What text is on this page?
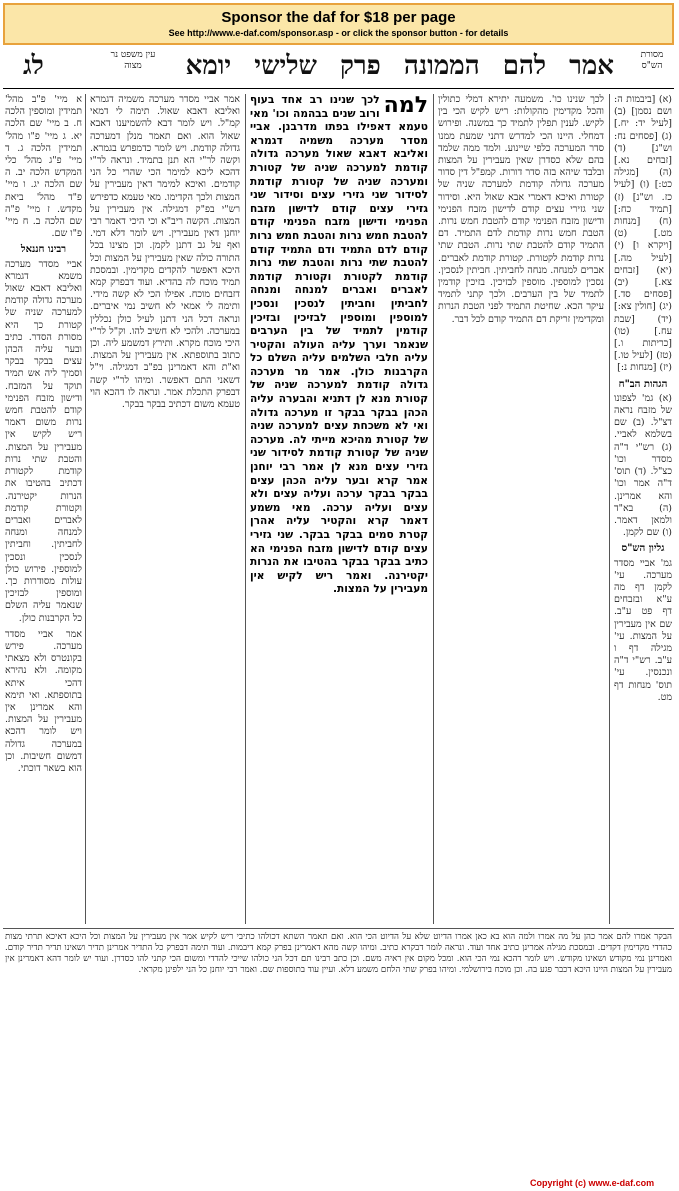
Sponsor the daf for $18 per page
See http://www.e-daf.com/sponsor.asp - or click the sponsor button - for details
מסורת הש"ס
אמר להם הממונה פרק שלישי יומא
עין משפט נר מצוה
לג
(א) [ביבמות ה: ושם נסמן] (ב) [לעיל יד: יח.] (ג) [פסחים נח: וש"נ] (ד) [זבחים נא.] (ה) [מגילה כט:] (ו) [לעיל כז. וש"נ] (ז) [תמיד כח:] (ח) [מנחות מט.] (ט) [ויקרא ו] (י) [לעיל מה.] (יא) [זבחים צא.] (יב) [פסחים סד.] (יג) [חולין צא:] (יד) [שבת עח.] (טו) [כריתות ו.] (טז) [לעיל טו.] (יז) [מנחות נ:]
הגהות הב"ח
(א) גמ' לצפונו של מזבח נראה דצ"ל. (ב) שם בשלמא לאביי. (ג) רש"י ד"ה מסדר וכו' כצ"ל. (ד) תוס' ד"ה אמר וכו' והא אמרינן. (ה) בא"ד ולמאן דאמר. (ו) שם לקמן.
גליון הש"ס
גמ' אביי מסדר מערכה. עי' לקמן דף מה ע"א ובזבחים דף פט ע"ב. שם אין מעבירין על המצות. עי' מגילה דף ו ע"ב. רש"י ד"ה ונכנסין. עי' תוס' מנחות דף מט.
לכך שנינו כו'. משמעה יתירא דמלי כתולין והכל מקדימין מהקולות: ריש לקיש הכי בין לקיש. לענין תפלין לתמיד כך במשנה. ופירוש דמחלי. היינו הכי למדרש דתני שמעת ממנו סדר המערכה כלפי שיינוע. ולמד ממה שלמד בהם שלא כסדרן שאין מעבירין על המצות ובלבד שיהא בזה סדר דורות. קמפ"ל דין סדור מערכה גדולה קודמת למערכה שניה של קטורת ואיכא דאמרי אבא שאול היא. וסידור שני גזירי עצים קודם לדישון מזבח הפנימי ודישון מזבח הפנימי קודם להטבת חמש נרות. הטבת חמש נרות קודמת לדם התמיד. דם התמיד קודם להטבת שתי נרות. הטבת שתי נרות קודמת לקטורת. קטורת קודמת לאברים. אברים למנחה. מנחה לחביתין. חביתין לנסכין. נסכין למוספין. מוספין לבזיכין. בזיכין קודמין לתמיד של בין הערבים. ולכך קתני לתמיד עיקר הכא. שחיטת התמיד לפני הטבת הנרות ומקדימין זריקת דם התמיד קודם לכל דבר.
למה
לכך שנינו רב אחד בעוף ורוב שנים בבהמה וכו' מאי טעמא דאפילו בפתו מדרבנן. אביי מסדר מערכה משמיה דגמרא ואליבא דאבא שאול מערכה גדולה קודמת למערכה שניה של קטורת ומערכה שניה של קטורת קודמת לסידור שני גזירי עצים וסידור שני גזירי עצים קודם לדישון מזבח הפנימי ודישון מזבח הפנימי קודם להטבת חמש נרות והטבת חמש נרות קודם לדם התמיד ודם התמיד קודם להטבת שתי נרות והטבת שתי נרות קודמת לקטורת וקטורת קודמת לאברים ואברים למנחה ומנחה לחביתין וחביתין לנסכין ונסכין למוספין ומוספין לבזיכין ובזיכין קודמין לתמיד של בין הערבים שנאמר וערך עליה העולה והקטיר עליה חלבי השלמים עליה השלם כל הקרבנות כולן. אמר מר מערכה גדולה קודמת למערכה שניה של קטורת מנא לן דתניא והבערה עליה הכהן בבקר בבקר זו מערכה גדולה ואי לא משכחת עצים למערכה שניה של קטורת מהיכא מייתי לה. מערכה שניה של קטורת קודמת לסידור שני גזירי עצים מנא לן אמר רבי יוחנן אמר קרא ובער עליה הכהן עצים בבקר בבקר ערכה ועליה עצים ולא עצים ועליה ערכה. מאי משמע דאמר קרא והקטיר עליה אהרן קטרת סמים בבקר בבקר. שני גזירי עצים קודם לדישון מזבח הפנימי הא כתיב בבקר בבקר בהטיבו את הנרות יקטירנה. ואמר ריש לקיש אין מעבירין על המצות.
אמר אביי מסדר מערכה משמיה דגמרא ואליבא דאבא שאול. תימה לי דמאי קמ"ל. ויש לומר דבא להשמיענו דאבא שאול הוא. ואם תאמר מנלן דמערכה גדולה קודמת. ויש לומר כדמפרש בגמרא. וקשה לר"י הא תנן בתמיד. ונראה לר"י דהכא ליכא למימר הכי שהרי כל הני קודמים. ואיכא למימר דאין מעבירין על המצות ולכך הקדימו. מאי טעמא כדפירש רש"י בפ"ק דמגילה. אין מעבירין על המצות. הקשה ריב"א וכי היכי דאמר רבי יוחנן דאין מעבירין. ויש לומר דלא דמי. ואף על גב דתנן לקמן. וכן מצינו בכל התורה כולה שאין מעבירין על המצות וכל היכא דאפשר להקדים מקדימין. ובמסכת תמיד מוכח לה בהדיא. ועוד דבפרק קמא דזבחים מוכח. אפילו הכי לא קשה מידי. ותימה לי אמאי לא חשיב נמי איברים. ונראה דכל הני דתנן לעיל כולן נכללין במערכה. ולהכי לא חשיב להו. וק"ל לר"י היכי מוכח מקרא. ותירץ דמשמע ליה. וכן כתוב בתוספתא. אין מעבירין על המצות. וא"ת והא דאמרינן בפ"ב דמגילה. וי"ל דשאני התם דאפשר. ומיהו לר"י קשה דבפרק התכלת אמר. ונראה לו דהכא הוי טעמא משום דכתיב בבקר בבקר.
א מיי' פ"ב מהל' תמידין ומוספין הלכה ח. ב מיי' שם הלכה יא. ג מיי' פ"ו מהל' תמידין הלכה ג. ד מיי' פ"ג מהל' כלי המקדש הלכה יב. ה שם הלכה יג. ו מיי' פ"ד מהל' ביאת מקדש. ז מיי' פ"ה שם הלכה ב. ח מיי' פ"ו שם.
רבינו חננאל
אביי מסדר מערכה משמא דגמרא ואליבא דאבא שאול מערכה גדולה קודמת למערכה שניה של קטורת כך היא מסורת הסדר. כתיב ובער עליה הכהן עצים בבקר בבקר וסמיך ליה אש תמיד תוקד על המזבח. ודישון מזבח הפנימי קודם להטבת חמש נרות משום דאמר ריש לקיש אין מעבירין על המצות. והטבת שתי נרות קודמת לקטורת דכתיב בהטיבו את הנרות יקטירנה. וקטורת קודמת לאברים ואברים למנחה ומנחה לחביתין. וחביתין לנסכין ונסכין למוספין. פירוש כולן עולות מסודרות כך. ומוספין לבזיכין שנאמר עליה השלם כל הקרבנות כולן.
אמר אביי מסדר מערכה. פירש בקונטרס ולא מצאתי מקומה. ולא נהירא דהכי איתא בתוספתא. ואי תימא והא אמרינן אין מעבירין על המצות. ויש לומר דהכא במערכה גדולה דמשום חשיבות. וכן הוא בשאר דוכתי.
הבקר אמרו להם אמר כהן על מה אמרו ולמה הוא בא כאן אמרו הדיוט שלא על הדיוט הכי הוא. ואם תאמר השתא דכולהו כתיבי ריש לקיש אמר אין מעבירין על המצות וכל היכא דאיכא תרתי מצות כהדדי מקדימין דקדים. ובמסכת מגילה אמרינן כתיב אחד ועוד. ונראה לומר דבקרא כתיב. ומיהו קשה מהא דאמרינן בפרק קמא דיבמות. ועוד תימה דבפרק כל התדיר אמרינן תדיר ושאינו תדיר תדיר קודם. ואמרינן נמי מקודש ושאינו מקודש. ויש לומר דהכא נמי הכי הוא. ומכל מקום אין ראיה משם. וכן כתב רבינו תם דכל הני כולהו שייכי להדדי ומשום הכי קתני להו כסדרן. ועוד יש לומר דהא דאמרינן אין מעבירין על המצות היינו היכא דכבר פגע בה. וכן מוכח בירושלמי. ומיהו בפרק שתי הלחם משמע דלא. ועיין עוד בתוספות שם. ואמר רבי יוחנן כל הני ילפינן מקראי.
Copyright (c) www.e-daf.com
